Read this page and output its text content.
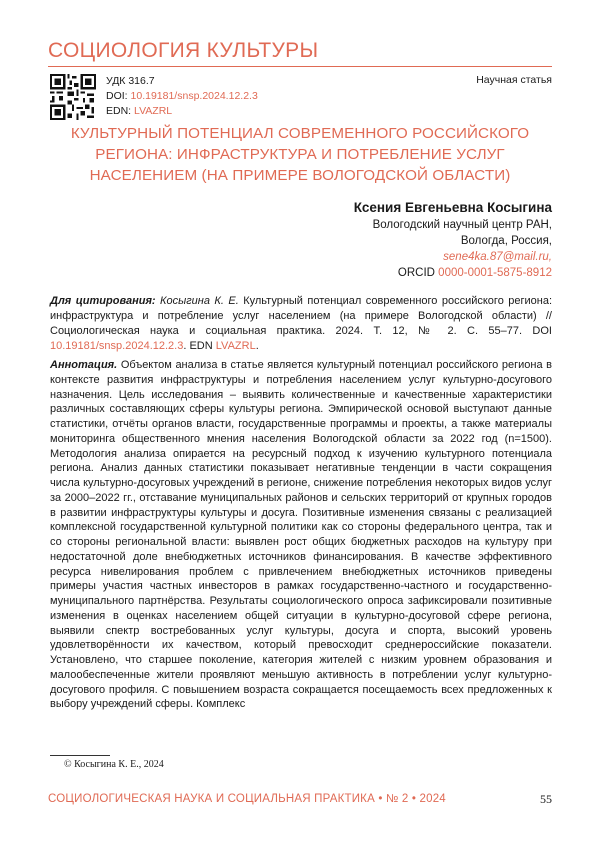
СОЦИОЛОГИЯ КУЛЬТУРЫ
УДК 316.7
DOI: 10.19181/snsp.2024.12.2.3
EDN: LVAZRL
Научная статья
КУЛЬТУРНЫЙ ПОТЕНЦИАЛ СОВРЕМЕННОГО РОССИЙСКОГО
РЕГИОНА: ИНФРАСТРУКТУРА И ПОТРЕБЛЕНИЕ УСЛУГ
НАСЕЛЕНИЕМ (НА ПРИМЕРЕ ВОЛОГОДСКОЙ ОБЛАСТИ)
Ксения Евгеньевна Косыгина
Вологодский научный центр РАН,
Вологда, Россия,
sene4ka.87@mail.ru,
ORCID 0000-0001-5875-8912
Для цитирования: Косыгина К. Е. Культурный потенциал современного российского региона: инфраструктура и потребление услуг населением (на примере Вологодской области) // Социологическая наука и социальная практика. 2024. Т. 12, № 2. С. 55–77. DOI 10.19181/snsp.2024.12.2.3. EDN LVAZRL.
Аннотация. Объектом анализа в статье является культурный потенциал российского региона в контексте развития инфраструктуры и потребления населением услуг культурно-досугового назначения. Цель исследования – выявить количественные и качественные характеристики различных составляющих сферы культуры региона. Эмпирической основой выступают данные статистики, отчёты органов власти, государственные программы и проекты, а также материалы мониторинга общественного мнения населения Вологодской области за 2022 год (n=1500). Методология анализа опирается на ресурсный подход к изучению культурного потенциала региона. Анализ данных статистики показывает негативные тенденции в части сокращения числа культурно-досуговых учреждений в регионе, снижение потребления некоторых видов услуг за 2000–2022 гг., отставание муниципальных районов и сельских территорий от крупных городов в развитии инфраструктуры культуры и досуга. Позитивные изменения связаны с реализацией комплексной государственной культурной политики как со стороны федерального центра, так и со стороны региональной власти: выявлен рост общих бюджетных расходов на культуру при недостаточной доле внебюджетных источников финансирования. В качестве эффективного ресурса нивелирования проблем с привлечением внебюджетных источников приведены примеры участия частных инвесторов в рамках государственно-частного и государственно-муниципального партнёрства. Результаты социологического опроса зафиксировали позитивные изменения в оценках населением общей ситуации в культурно-досуговой сфере региона, выявили спектр востребованных услуг культуры, досуга и спорта, высокий уровень удовлетворённости их качеством, который превосходит среднероссийские показатели. Установлено, что старшее поколение, категория жителей с низким уровнем образования и малообеспеченные жители проявляют меньшую активность в потреблении услуг культурно-досугового профиля. С повышением возраста сокращается посещаемость всех предложенных к выбору учреждений сферы. Комплекс
© Косыгина К. Е., 2024
СОЦИОЛОГИЧЕСКАЯ НАУКА И СОЦИАЛЬНАЯ ПРАКТИКА • № 2 • 2024	55
